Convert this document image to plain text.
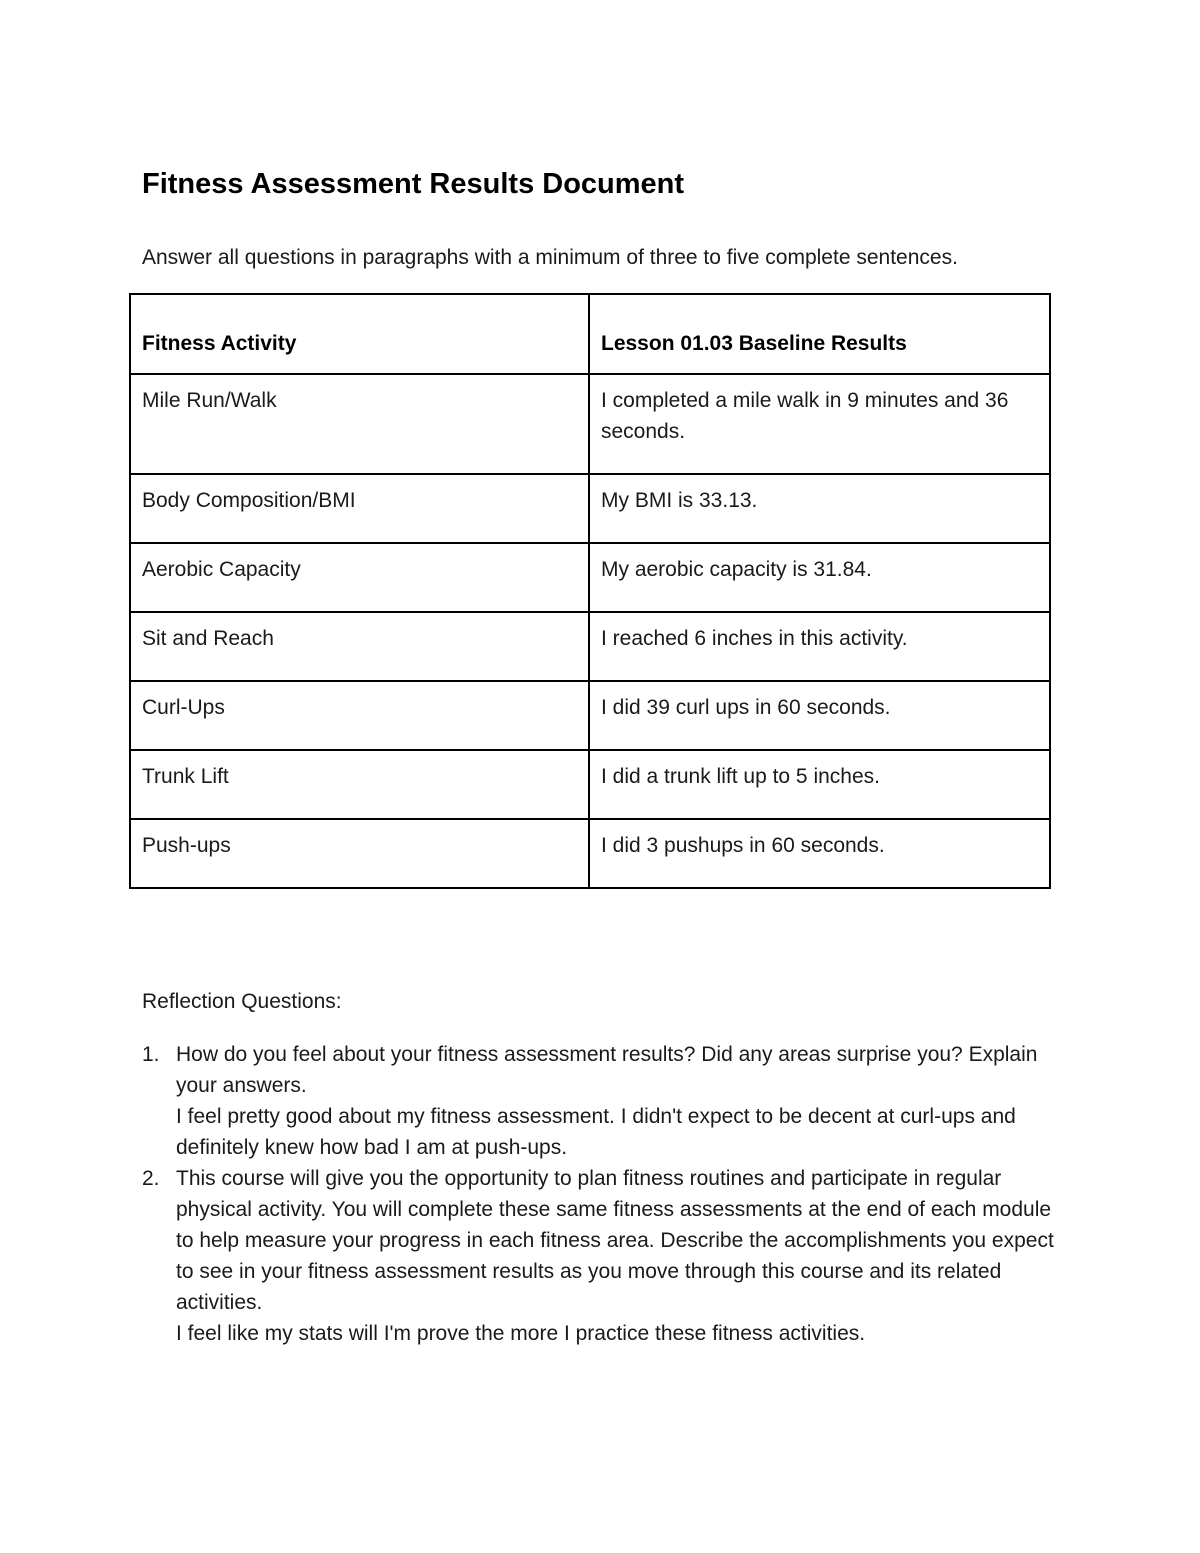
Fitness Assessment Results Document

Answer all questions in paragraphs with a minimum of three to five complete sentences.

Fitness Activity	Lesson 01.03 Baseline Results
Mile Run/Walk	I completed a mile walk in 9 minutes and 36 seconds.
Body Composition/BMI	My BMI is 33.13.
Aerobic Capacity	My aerobic capacity is 31.84.
Sit and Reach	I reached 6 inches in this activity.
Curl-Ups	I did 39 curl ups in 60 seconds.
Trunk Lift	I did a trunk lift up to 5 inches.
Push-ups	I did 3 pushups in 60 seconds.

Reflection Questions:

1. How do you feel about your fitness assessment results? Did any areas surprise you? Explain your answers.

I feel pretty good about my fitness assessment. I didn't expect to be decent at curl-ups and definitely knew how bad I am at push-ups.

2. This course will give you the opportunity to plan fitness routines and participate in regular physical activity. You will complete these same fitness assessments at the end of each module to help measure your progress in each fitness area. Describe the accomplishments you expect to see in your fitness assessment results as you move through this course and its related activities.

I feel like my stats will I'm prove the more I practice these fitness activities.
